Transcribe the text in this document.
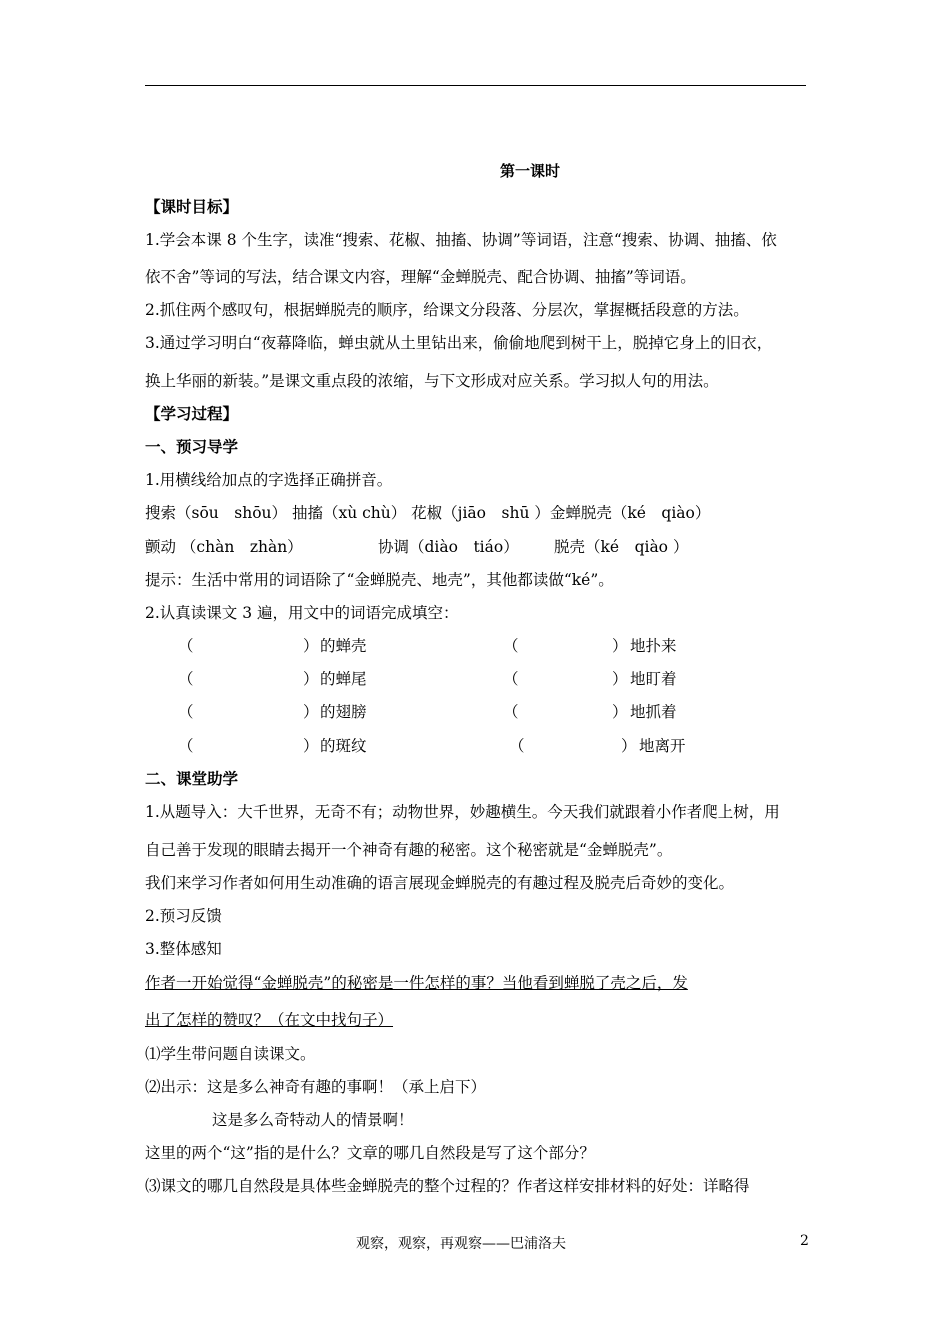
第一课时
【课时目标】
1.学会本课 8 个生字，读准“搜索、花椒、抽搐、协调”等词语，注意“搜索、协调、抽搐、依
依不舍”等词的写法，结合课文内容，理解“金蝉脱壳、配合协调、抽搐”等词语。
2.抓住两个感叹句，根据蝉脱壳的顺序，给课文分段落、分层次，掌握概括段意的方法。
3.通过学习明白“夜幕降临，蝉虫就从土里钻出来，偷偷地爬到树干上，脱掉它身上的旧衣，
换上华丽的新装。”是课文重点段的浓缩，与下文形成对应关系。学习拟人句的用法。
【学习过程】
一、预习导学
1.用横线给加点的字选择正确拼音。
搜索（sōu　shōu） 抽搐（xù chù） 花椒（jiāo　shū ）金蝉脱壳（ké　qiào）
颤动 （chàn　zhàn）	协调（diào　tiáo） 脱壳（ké　qiào ）
提示：生活中常用的词语除了“金蝉脱壳、地壳”，其他都读做“ké”。
2.认真读课文 3 遍，用文中的词语完成填空：
（	） 的蝉壳	（	） 地扑来
（	） 的蝉尾	（	） 地盯着
（	） 的翅膀	（	） 地抓着
（	） 的斑纹	（	） 地离开
二、课堂助学
1.从题导入：大千世界，无奇不有；动物世界，妙趣横生。今天我们就跟着小作者爬上树，用
自己善于发现的眼睛去揭开一个神奇有趣的秘密。这个秘密就是“金蝉脱壳”。
我们来学习作者如何用生动准确的语言展现金蝉脱壳的有趣过程及脱壳后奇妙的变化。
2.预习反馈
3.整体感知
作者一开始觉得“金蝉脱壳”的秘密是一件怎样的事？当他看到蝉脱了壳之后，发
出了怎样的赞叹？（在文中找句子）
⑴学生带问题自读课文。
⑵出示：这是多么神奇有趣的事啊！（承上启下）
这是多么奇特动人的情景啊！
这里的两个“这”指的是什么？文章的哪几自然段是写了这个部分？
⑶课文的哪几自然段是具体些金蝉脱壳的整个过程的？作者这样安排材料的好处：详略得
观察，观察，再观察——巴浦洛夫	2
